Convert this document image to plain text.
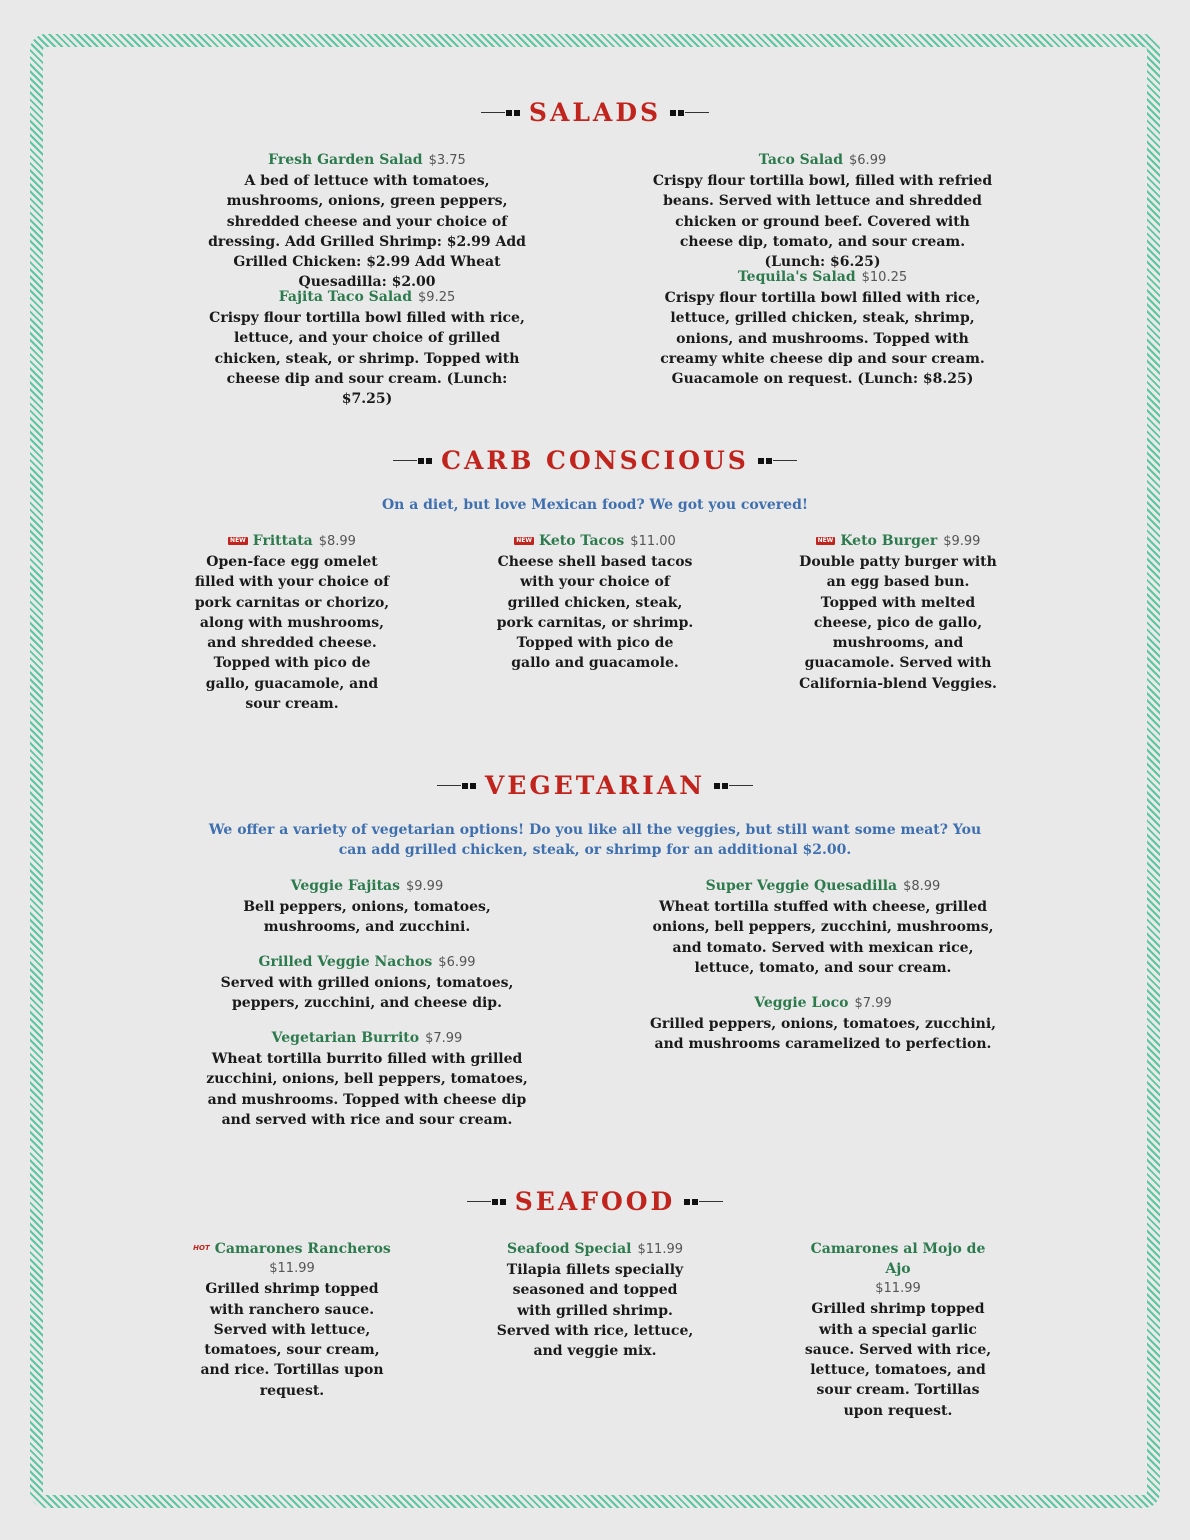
SALADS
Fresh Garden Salad $3.75
A bed of lettuce with tomatoes, mushrooms, onions, green peppers, shredded cheese and your choice of dressing. Add Grilled Shrimp: $2.99 Add Grilled Chicken: $2.99 Add Wheat Quesadilla: $2.00
Fajita Taco Salad $9.25
Crispy flour tortilla bowl filled with rice, lettuce, and your choice of grilled chicken, steak, or shrimp. Topped with cheese dip and sour cream. (Lunch: $7.25)
Taco Salad $6.99
Crispy flour tortilla bowl, filled with refried beans. Served with lettuce and shredded chicken or ground beef. Covered with cheese dip, tomato, and sour cream. (Lunch: $6.25)
Tequila's Salad $10.25
Crispy flour tortilla bowl filled with rice, lettuce, grilled chicken, steak, shrimp, onions, and mushrooms. Topped with creamy white cheese dip and sour cream. Guacamole on request. (Lunch: $8.25)
CARB CONSCIOUS
On a diet, but love Mexican food? We got you covered!
NEW Frittata $8.99
Open-face egg omelet filled with your choice of pork carnitas or chorizo, along with mushrooms, and shredded cheese. Topped with pico de gallo, guacamole, and sour cream.
NEW Keto Tacos $11.00
Cheese shell based tacos with your choice of grilled chicken, steak, pork carnitas, or shrimp. Topped with pico de gallo and guacamole.
NEW Keto Burger $9.99
Double patty burger with an egg based bun. Topped with melted cheese, pico de gallo, mushrooms, and guacamole. Served with California-blend Veggies.
VEGETARIAN
We offer a variety of vegetarian options! Do you like all the veggies, but still want some meat? You can add grilled chicken, steak, or shrimp for an additional $2.00.
Veggie Fajitas $9.99
Bell peppers, onions, tomatoes, mushrooms, and zucchini.
Grilled Veggie Nachos $6.99
Served with grilled onions, tomatoes, peppers, zucchini, and cheese dip.
Vegetarian Burrito $7.99
Wheat tortilla burrito filled with grilled zucchini, onions, bell peppers, tomatoes, and mushrooms. Topped with cheese dip and served with rice and sour cream.
Super Veggie Quesadilla $8.99
Wheat tortilla stuffed with cheese, grilled onions, bell peppers, zucchini, mushrooms, and tomato. Served with mexican rice, lettuce, tomato, and sour cream.
Veggie Loco $7.99
Grilled peppers, onions, tomatoes, zucchini, and mushrooms caramelized to perfection.
SEAFOOD
HOT Camarones Rancheros
$11.99
Grilled shrimp topped with ranchero sauce. Served with lettuce, tomatoes, sour cream, and rice. Tortillas upon request.
Seafood Special $11.99
Tilapia fillets specially seasoned and topped with grilled shrimp. Served with rice, lettuce, and veggie mix.
Camarones al Mojo de Ajo
$11.99
Grilled shrimp topped with a special garlic sauce. Served with rice, lettuce, tomatoes, and sour cream. Tortillas upon request.
